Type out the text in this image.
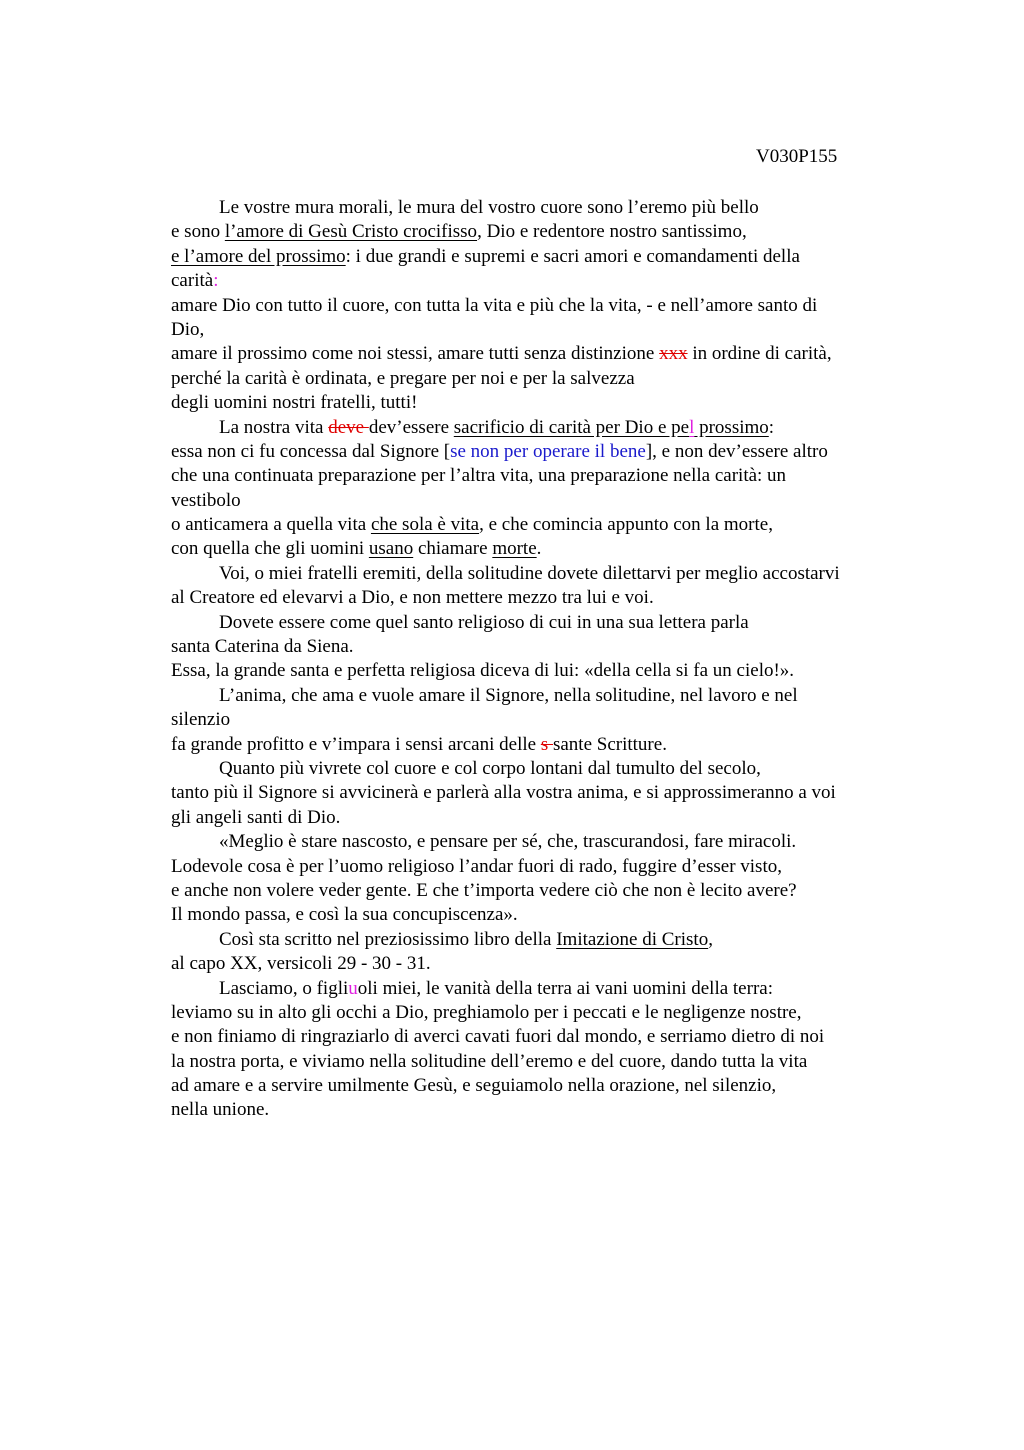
V030P155
Le vostre mura morali, le mura del vostro cuore sono l’eremo più bello
e sono l’amore di Gesù Cristo crocifisso, Dio e redentore nostro santissimo,
e l’amore del prossimo: i due grandi e supremi e sacri amori e comandamenti della
carità:
amare Dio con tutto il cuore, con tutta la vita e più che la vita, - e nell’amore santo di
Dio,
amare il prossimo come noi stessi, amare tutti senza distinzione xxx in ordine di carità,
perché la carità è ordinata, e pregare per noi e per la salvezza
degli uomini nostri fratelli, tutti!
La nostra vita deve dev’essere sacrificio di carità per Dio e pel prossimo:
essa non ci fu concessa dal Signore [se non per operare il bene], e non dev’essere altro
che una continuata preparazione per l’altra vita, una preparazione nella carità: un
vestibolo
o anticamera a quella vita che sola è vita, e che comincia appunto con la morte,
con quella che gli uomini usano chiamare morte.
Voi, o miei fratelli eremiti, della solitudine dovete dilettarvi per meglio accostarvi
al Creatore ed elevarvi a Dio, e non mettere mezzo tra lui e voi.
Dovete essere come quel santo religioso di cui in una sua lettera parla
santa Caterina da Siena.
Essa, la grande santa e perfetta religiosa diceva di lui: «della cella si fa un cielo!».
L’anima, che ama e vuole amare il Signore, nella solitudine, nel lavoro e nel
silenzio
fa grande profitto e v’impara i sensi arcani delle s sante Scritture.
Quanto più vivrete col cuore e col corpo lontani dal tumulto del secolo,
tanto più il Signore si avvicinerà e parlerà alla vostra anima, e si approssimeranno a voi
gli angeli santi di Dio.
«Meglio è stare nascosto, e pensare per sé, che, trascurandosi, fare miracoli.
Lodevole cosa è per l’uomo religioso l’andar fuori di rado, fuggire d’esser visto,
e anche non volere veder gente. E che t’importa vedere ciò che non è lecito avere?
Il mondo passa, e così la sua concupiscenza».
Così sta scritto nel preziosissimo libro della Imitazione di Cristo,
al capo XX, versicoli 29 - 30 - 31.
Lasciamo, o figliuoli miei, le vanità della terra ai vani uomini della terra:
leviamo su in alto gli occhi a Dio, preghiamolo per i peccati e le negligenze nostre,
e non finiamo di ringraziarlo di averci cavati fuori dal mondo, e serriamo dietro di noi
la nostra porta, e viviamo nella solitudine dell’eremo e del cuore, dando tutta la vita
ad amare e a servire umilmente Gesù, e seguiamolo nella orazione, nel silenzio,
nella unione.
